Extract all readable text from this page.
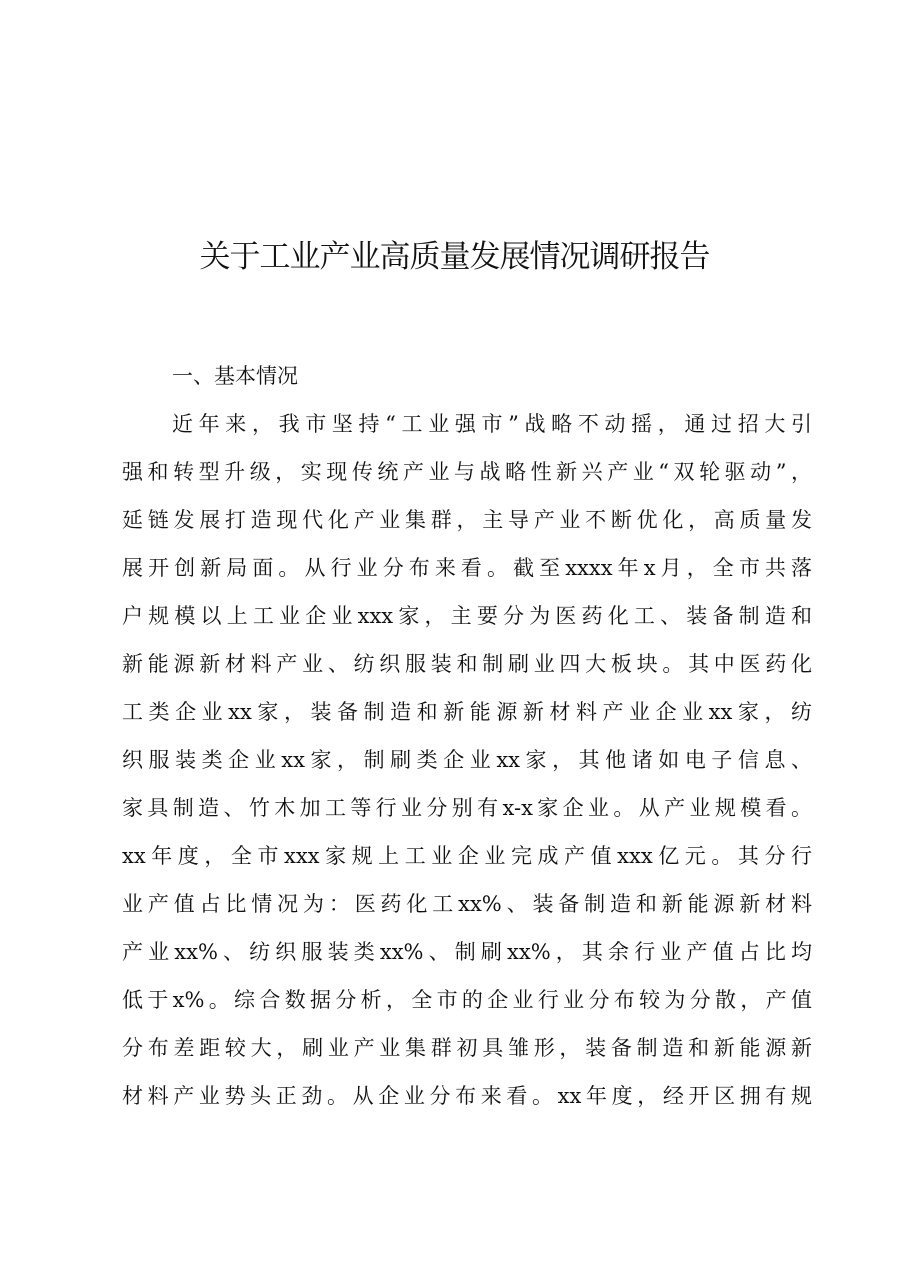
关于工业产业高质量发展情况调研报告
一、基本情况
近年来，我市坚持“工业强市”战略不动摇，通过招大引
强和转型升级，实现传统产业与战略性新兴产业“双轮驱动”，
延链发展打造现代化产业集群，主导产业不断优化，高质量发
展开创新局面。从行业分布来看。截至xxxx年x月，全市共落
户规模以上工业企业xxx家，主要分为医药化工、装备制造和
新能源新材料产业、纺织服装和制刷业四大板块。其中医药化
工类企业xx家，装备制造和新能源新材料产业企业xx家，纺
织服装类企业xx家，制刷类企业xx家，其他诸如电子信息、
家具制造、竹木加工等行业分别有x-x家企业。从产业规模看。
xx年度，全市xxx家规上工业企业完成产值xxx亿元。其分行
业产值占比情况为：医药化工xx%、装备制造和新能源新材料
产业xx%、纺织服装类xx%、制刷xx%，其余行业产值占比均
低于x%。综合数据分析，全市的企业行业分布较为分散，产值
分布差距较大，刷业产业集群初具雏形，装备制造和新能源新
材料产业势头正劲。从企业分布来看。xx年度，经开区拥有规
